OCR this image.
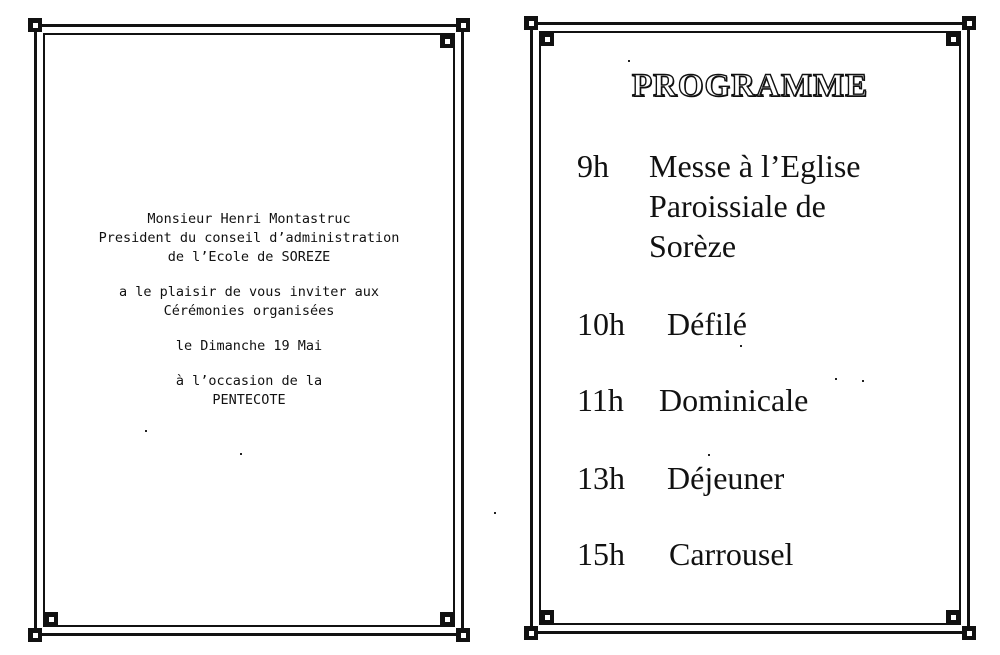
Monsieur Henri Montastruc
President du conseil d’administration
de l’Ecole de SOREZE
a le plaisir de vous inviter aux
Cérémonies organisées
le Dimanche 19 Mai
à l’occasion de la
PENTECOTE
PROGRAMME
9h Messe à l’Eglise
Paroissiale de
Sorèze
10h Défilé
11h Dominicale
13h Déjeuner
15h Carrousel
